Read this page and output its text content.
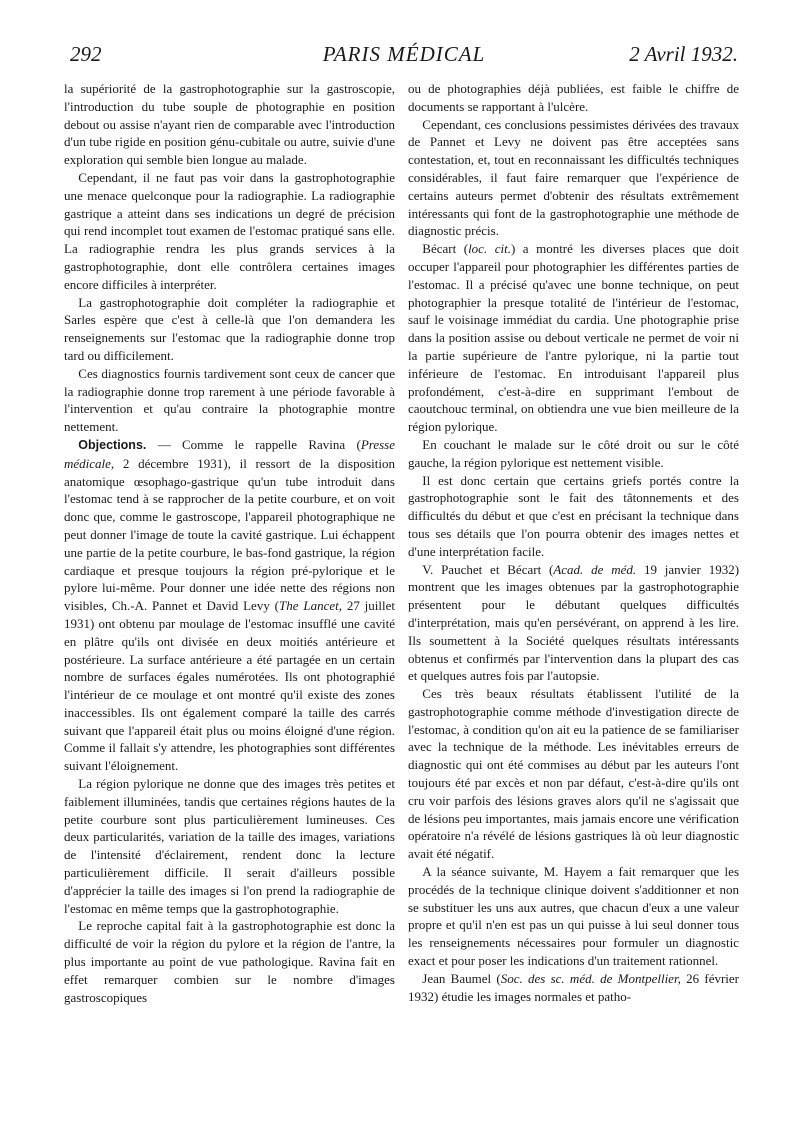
292	PARIS MÉDICAL	2 Avril 1932.

la supériorité de la gastrophotographie sur la gastroscopie, l'introduction du tube souple de photographie en position debout ou assise n'ayant rien de comparable avec l'introduction d'un tube rigide en position génu-cubitale ou autre, suivie d'une exploration qui semble bien longue au malade.

Cependant, il ne faut pas voir dans la gastrophotographie une menace quelconque pour la radiographie. La radiographie gastrique a atteint dans ses indications un degré de précision qui rend incomplet tout examen de l'estomac pratiqué sans elle. La radiographie rendra les plus grands services à la gastrophotographie, dont elle contrôlera certaines images encore difficiles à interpréter.

La gastrophotographie doit compléter la radiographie et Sarles espère que c'est à celle-là que l'on demandera les renseignements sur l'estomac que la radiographie donne trop tard ou difficilement.

Ces diagnostics fournis tardivement sont ceux de cancer que la radiographie donne trop rarement à une période favorable à l'intervention et qu'au contraire la photographie montre nettement.

Objections. — Comme le rappelle Ravina (Presse médicale, 2 décembre 1931), il ressort de la disposition anatomique œsophago-gastrique qu'un tube introduit dans l'estomac tend à se rapprocher de la petite courbure, et on voit donc que, comme le gastroscope, l'appareil photographique ne peut donner l'image de toute la cavité gastrique. Lui échappent une partie de la petite courbure, le bas-fond gastrique, la région cardiaque et presque toujours la région pré-pylorique et le pylore lui-même. Pour donner une idée nette des régions non visibles, Ch.-A. Pannet et David Levy (The Lancet, 27 juillet 1931) ont obtenu par moulage de l'estomac insufflé une cavité en plâtre qu'ils ont divisée en deux moitiés antérieure et postérieure. La surface antérieure a été partagée en un certain nombre de surfaces égales numérotées. Ils ont photographié l'intérieur de ce moulage et ont montré qu'il existe des zones inaccessibles. Ils ont également comparé la taille des carrés suivant que l'appareil était plus ou moins éloigné d'une région. Comme il fallait s'y attendre, les photographies sont différentes suivant l'éloignement.

La région pylorique ne donne que des images très petites et faiblement illuminées, tandis que certaines régions hautes de la petite courbure sont plus particulièrement lumineuses. Ces deux particularités, variation de la taille des images, variations de l'intensité d'éclairement, rendent donc la lecture particulièrement difficile. Il serait d'ailleurs possible d'apprécier la taille des images si l'on prend la radiographie de l'estomac en même temps que la gastrophotographie.

Le reproche capital fait à la gastrophotographie est donc la difficulté de voir la région du pylore et la région de l'antre, la plus importante au point de vue pathologique. Ravina fait en effet remarquer combien sur le nombre d'images gastroscopiques

ou de photographies déjà publiées, est faible le chiffre de documents se rapportant à l'ulcère.

Cependant, ces conclusions pessimistes dérivées des travaux de Pannet et Levy ne doivent pas être acceptées sans contestation, et, tout en reconnaissant les difficultés techniques considérables, il faut faire remarquer que l'expérience de certains auteurs permet d'obtenir des résultats extrêmement intéressants qui font de la gastrophotographie une méthode de diagnostic précis.

Bécart (loc. cit.) a montré les diverses places que doit occuper l'appareil pour photographier les différentes parties de l'estomac. Il a précisé qu'avec une bonne technique, on peut photographier la presque totalité de l'intérieur de l'estomac, sauf le voisinage immédiat du cardia. Une photographie prise dans la position assise ou debout verticale ne permet de voir ni la partie supérieure de l'antre pylorique, ni la partie tout inférieure de l'estomac. En introduisant l'appareil plus profondément, c'est-à-dire en supprimant l'embout de caoutchouc terminal, on obtiendra une vue bien meilleure de la région pylorique.

En couchant le malade sur le côté droit ou sur le côté gauche, la région pylorique est nettement visible.

Il est donc certain que certains griefs portés contre la gastrophotographie sont le fait des tâtonnements et des difficultés du début et que c'est en précisant la technique dans tous ses détails que l'on pourra obtenir des images nettes et d'une interprétation facile.

V. Pauchet et Bécart (Acad. de méd. 19 janvier 1932) montrent que les images obtenues par la gastrophotographie présentent pour le débutant quelques difficultés d'interprétation, mais qu'en persévérant, on apprend à les lire. Ils soumettent à la Société quelques résultats intéressants obtenus et confirmés par l'intervention dans la plupart des cas et quelques autres fois par l'autopsie.

Ces très beaux résultats établissent l'utilité de la gastrophotographie comme méthode d'investigation directe de l'estomac, à condition qu'on ait eu la patience de se familiariser avec la technique de la méthode. Les inévitables erreurs de diagnostic qui ont été commises au début par les auteurs l'ont toujours été par excès et non par défaut, c'est-à-dire qu'ils ont cru voir parfois des lésions graves alors qu'il ne s'agissait que de lésions peu importantes, mais jamais encore une vérification opératoire n'a révélé de lésions gastriques là où leur diagnostic avait été négatif.

A la séance suivante, M. Hayem a fait remarquer que les procédés de la technique clinique doivent s'additionner et non se substituer les uns aux autres, que chacun d'eux a une valeur propre et qu'il n'en est pas un qui puisse à lui seul donner tous les renseignements nécessaires pour formuler un diagnostic exact et pour poser les indications d'un traitement rationnel.

Jean Baumel (Soc. des sc. méd. de Montpellier, 26 février 1932) étudie les images normales et patho-
